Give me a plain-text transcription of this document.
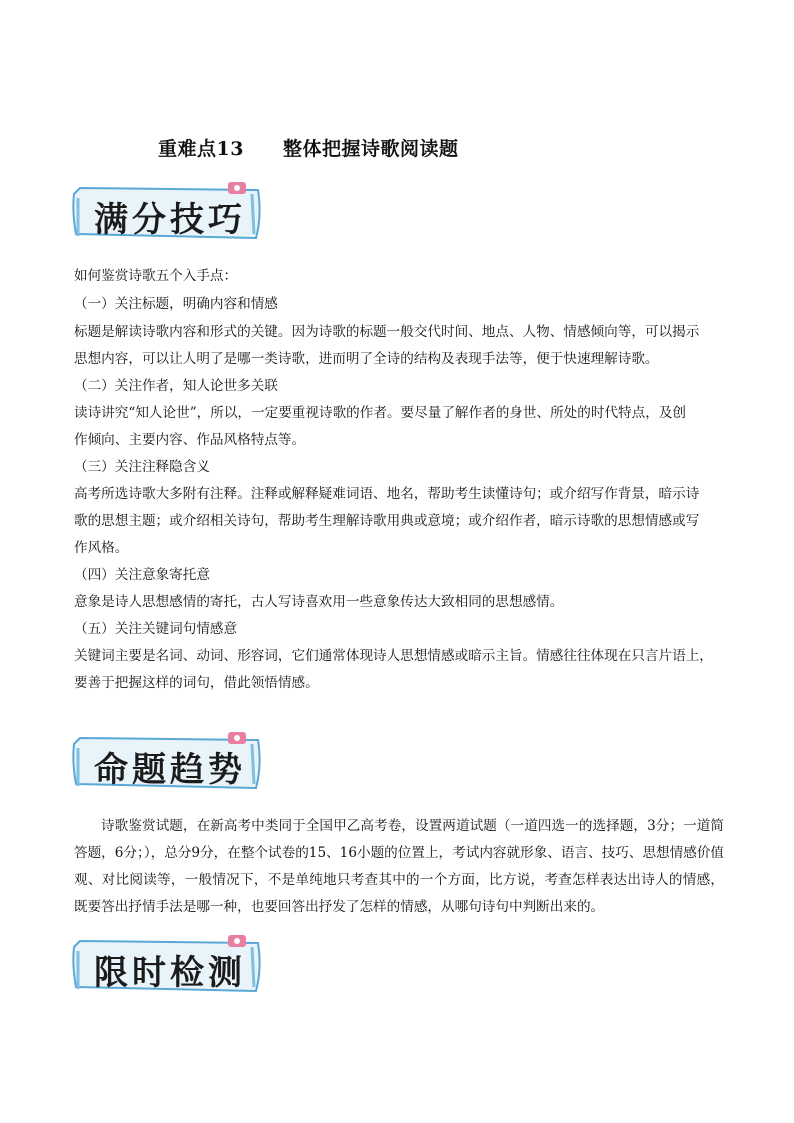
重难点13　　整体把握诗歌阅读题
满分技巧
如何鉴赏诗歌五个入手点：
（一）关注标题，明确内容和情感
标题是解读诗歌内容和形式的关键。因为诗歌的标题一般交代时间、地点、人物、情感倾向等，可以揭示
思想内容，可以让人明了是哪一类诗歌，进而明了全诗的结构及表现手法等，便于快速理解诗歌。
（二）关注作者，知人论世多关联
读诗讲究“知人论世”，所以，一定要重视诗歌的作者。要尽量了解作者的身世、所处的时代特点，及创
作倾向、主要内容、作品风格特点等。
（三）关注注释隐含义
高考所选诗歌大多附有注释。注释或解释疑难词语、地名，帮助考生读懂诗句；或介绍写作背景，暗示诗
歌的思想主题；或介绍相关诗句，帮助考生理解诗歌用典或意境；或介绍作者，暗示诗歌的思想情感或写
作风格。
（四）关注意象寄托意
意象是诗人思想感情的寄托，古人写诗喜欢用一些意象传达大致相同的思想感情。
（五）关注关键词句情感意
关键词主要是名词、动词、形容词，它们通常体现诗人思想情感或暗示主旨。情感往往体现在只言片语上，
要善于把握这样的词句，借此领悟情感。
命题趋势
诗歌鉴赏试题，在新高考中类同于全国甲乙高考卷，设置两道试题（一道四选一的选择题，3分；一道简答题，6分；），总分9分，在整个试卷的15、16小题的位置上，考试内容就形象、语言、技巧、思想情感价值观、对比阅读等，一般情况下，不是单纯地只考查其中的一个方面，比方说，考查怎样表达出诗人的情感，既要答出抒情手法是哪一种，也要回答出抒发了怎样的情感，从哪句诗句中判断出来的。
限时检测
